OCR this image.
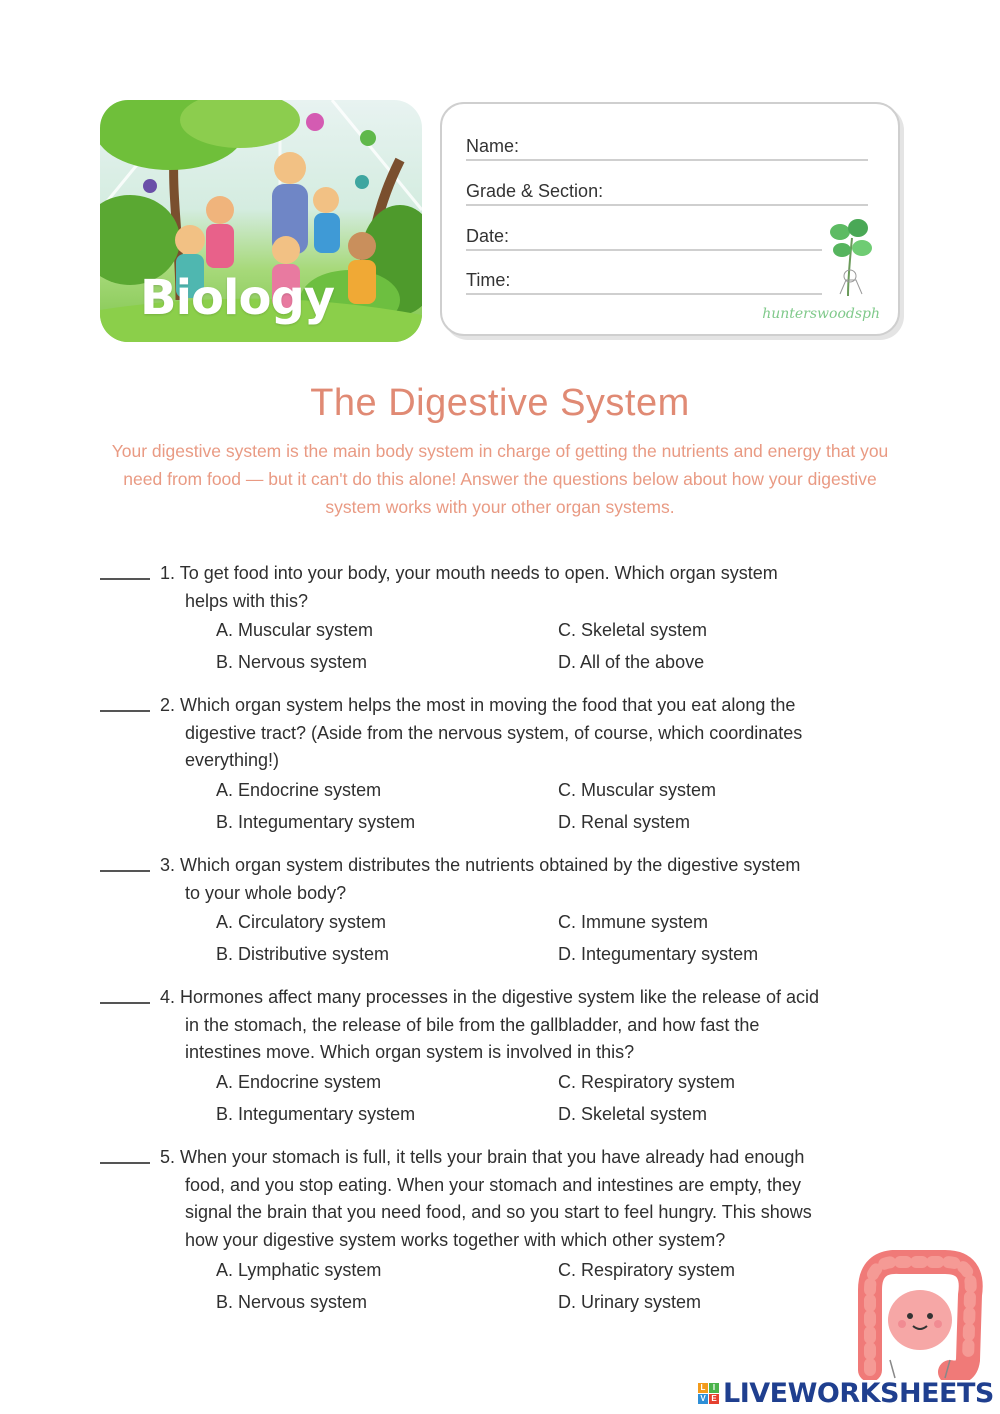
Biology
Name:
Grade & Section:
Date:
Time:
hunterswoodsph
The Digestive System
Your digestive system is the main body system in charge of getting the nutrients and energy that you need from food — but it can't do this alone! Answer the questions below about how your digestive system works with your other organ systems.
1. To get food into your body, your mouth needs to open. Which organ system
helps with this?
A. Muscular system
B. Nervous system
C. Skeletal system
D. All of the above
2. Which organ system helps the most in moving the food that you eat along the
digestive tract? (Aside from the nervous system, of course, which coordinates
everything!)
A. Endocrine system
B. Integumentary system
C. Muscular system
D. Renal system
3. Which organ system distributes the nutrients obtained by the digestive system
to your whole body?
A. Circulatory system
B. Distributive system
C. Immune system
D. Integumentary system
4. Hormones affect many processes in the digestive system like the release of acid
in the stomach, the release of bile from the gallbladder, and how fast the
intestines move. Which organ system is involved in this?
A. Endocrine system
B. Integumentary system
C. Respiratory system
D. Skeletal system
5. When your stomach is full, it tells your brain that you have already had enough
food, and you stop eating. When your stomach and intestines are empty, they
signal the brain that you need food, and so you start to feel hungry. This shows
how your digestive system works together with which other system?
A. Lymphatic system
B. Nervous system
C. Respiratory system
D. Urinary system
L I
V E LIVEWORKSHEETS
